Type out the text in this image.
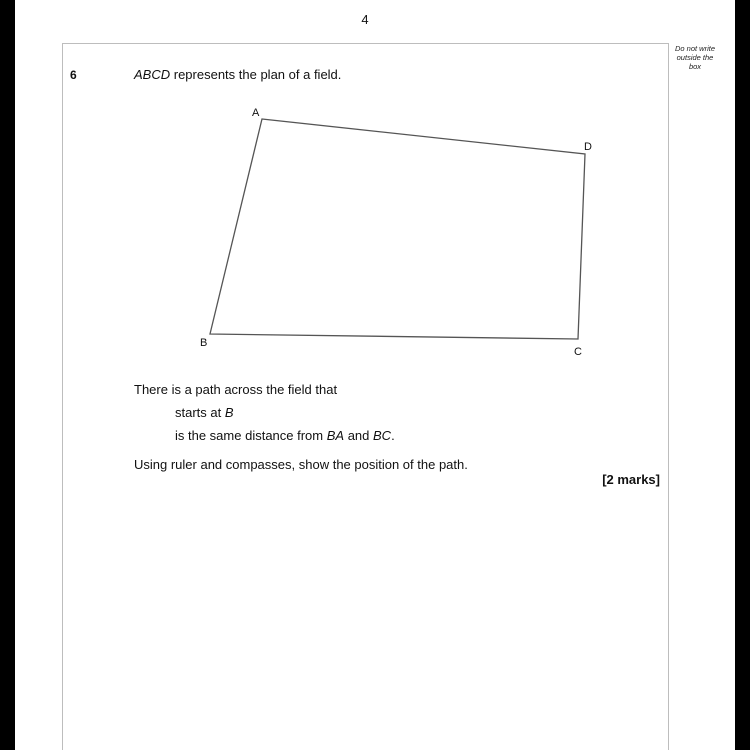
4
Do not write
outside the
box
6	ABCD represents the plan of a field.
A
D
B
C
There is a path across the field that
starts at B
is the same distance from BA and BC.
Using ruler and compasses, show the position of the path.
[2 marks]
